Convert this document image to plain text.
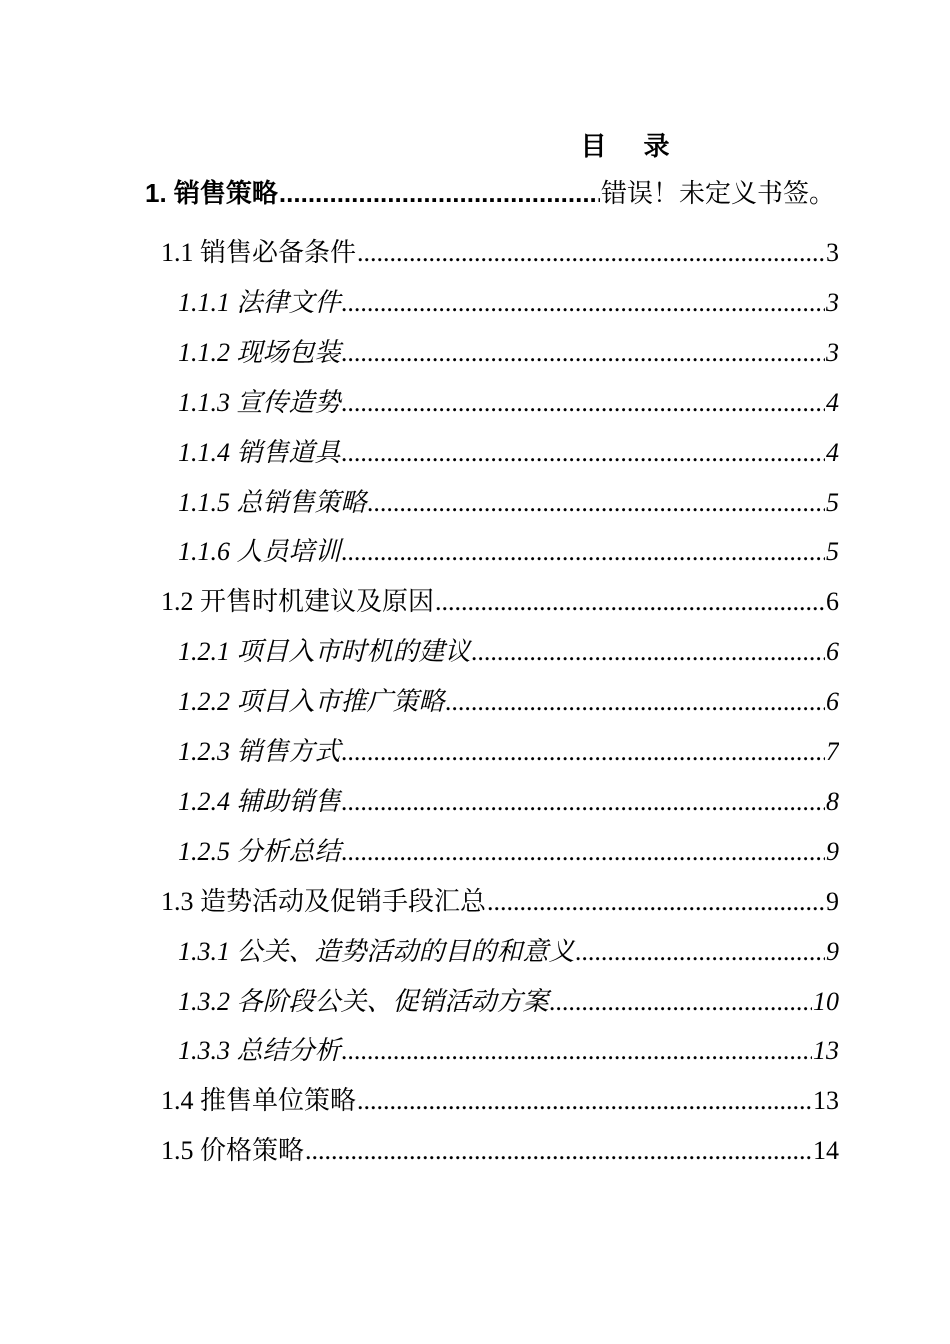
目 录
1. 销售策略 .....	错误！未定义书签。
1.1 销售必备条件 .....	3
1.1.1 法律文件 .....	3
1.1.2 现场包装 .....	3
1.1.3 宣传造势 .....	4
1.1.4 销售道具 .....	4
1.1.5 总销售策略 .....	5
1.1.6 人员培训 .....	5
1.2 开售时机建议及原因 .....	6
1.2.1 项目入市时机的建议 .....	6
1.2.2 项目入市推广策略 .....	6
1.2.3 销售方式 .....	7
1.2.4 辅助销售 .....	8
1.2.5 分析总结 .....	9
1.3 造势活动及促销手段汇总 .....	9
1.3.1 公关、造势活动的目的和意义 .....	9
1.3.2 各阶段公关、促销活动方案 .....	10
1.3.3 总结分析 .....	13
1.4 推售单位策略 .....	13
1.5 价格策略 .....	14
